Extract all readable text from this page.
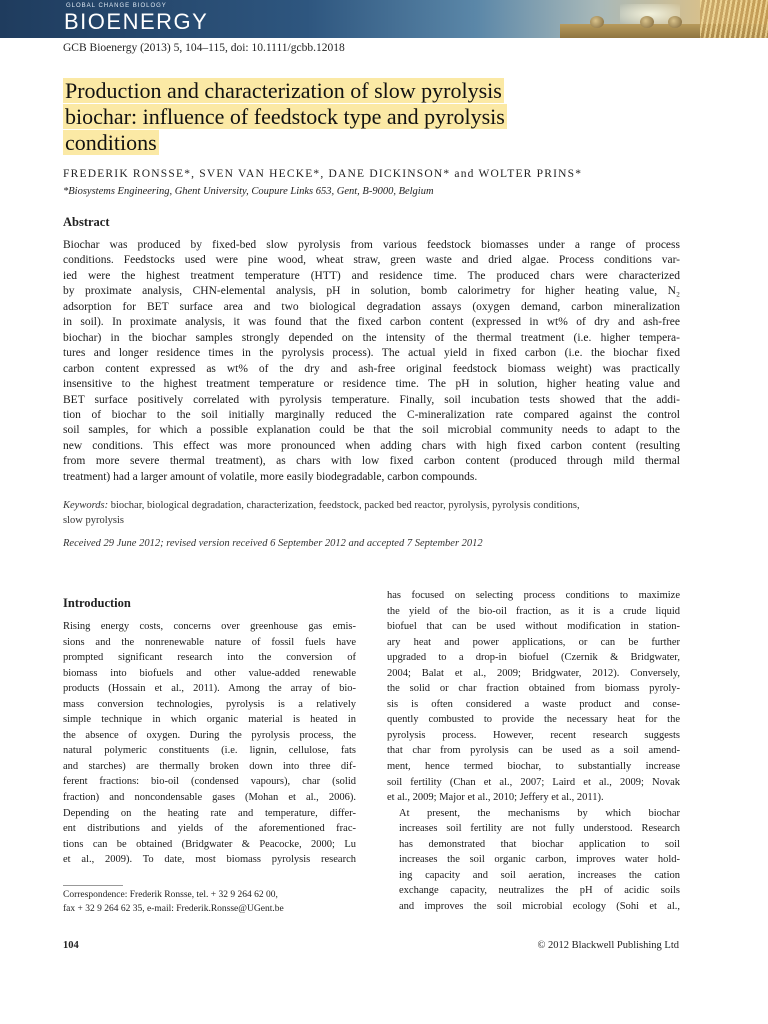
GLOBAL CHANGE BIOLOGY
BIOENERGY
GCB Bioenergy (2013) 5, 104–115, doi: 10.1111/gcbb.12018
Production and characterization of slow pyrolysis
biochar: influence of feedstock type and pyrolysis
conditions
FREDERIK RONSSE*, SVEN VAN HECKE*, DANE DICKINSON* and WOLTER PRINS*
*Biosystems Engineering, Ghent University, Coupure Links 653, Gent, B-9000, Belgium
Abstract

Biochar was produced by fixed-bed slow pyrolysis from various feedstock biomasses under a range of process
conditions. Feedstocks used were pine wood, wheat straw, green waste and dried algae. Process conditions var-
ied were the highest treatment temperature (HTT) and residence time. The produced chars were characterized
by proximate analysis, CHN-elemental analysis, pH in solution, bomb calorimetry for higher heating value, N₂
adsorption for BET surface area and two biological degradation assays (oxygen demand, carbon mineralization
in soil). In proximate analysis, it was found that the fixed carbon content (expressed in wt% of dry and ash-free
biochar) in the biochar samples strongly depended on the intensity of the thermal treatment (i.e. higher tempera-
tures and longer residence times in the pyrolysis process). The actual yield in fixed carbon (i.e. the biochar fixed
carbon content expressed as wt% of the dry and ash-free original feedstock biomass weight) was practically
insensitive to the highest treatment temperature or residence time. The pH in solution, higher heating value and
BET surface positively correlated with pyrolysis temperature. Finally, soil incubation tests showed that the addi-
tion of biochar to the soil initially marginally reduced the C-mineralization rate compared against the control
soil samples, for which a possible explanation could be that the soil microbial community needs to adapt to the
new conditions. This effect was more pronounced when adding chars with high fixed carbon content (resulting
from more severe thermal treatment), as chars with low fixed carbon content (produced through mild thermal
treatment) had a larger amount of volatile, more easily biodegradable, carbon compounds.

Keywords: biochar, biological degradation, characterization, feedstock, packed bed reactor, pyrolysis, pyrolysis conditions,
slow pyrolysis

Received 29 June 2012; revised version received 6 September 2012 and accepted 7 September 2012
Introduction

Rising energy costs, concerns over greenhouse gas emis-
sions and the nonrenewable nature of fossil fuels have
prompted significant research into the conversion of
biomass into biofuels and other value-added renewable
products (Hossain et al., 2011). Among the array of bio-
mass conversion technologies, pyrolysis is a relatively
simple technique in which organic material is heated in
the absence of oxygen. During the pyrolysis process, the
natural polymeric constituents (i.e. lignin, cellulose, fats
and starches) are thermally broken down into three dif-
ferent fractions: bio-oil (condensed vapours), char (solid
fraction) and noncondensable gases (Mohan et al., 2006).
Depending on the heating rate and temperature, differ-
ent distributions and yields of the aforementioned frac-
tions can be obtained (Bridgwater & Peacocke, 2000; Lu
et al., 2009). To date, most biomass pyrolysis research

has focused on selecting process conditions to maximize
the yield of the bio-oil fraction, as it is a crude liquid
biofuel that can be used without modification in station-
ary heat and power applications, or can be further
upgraded to a drop-in biofuel (Czernik & Bridgwater,
2004; Balat et al., 2009; Bridgwater, 2012). Conversely,
the solid or char fraction obtained from biomass pyroly-
sis is often considered a waste product and conse-
quently combusted to provide the necessary heat for the
pyrolysis process. However, recent research suggests
that char from pyrolysis can be used as a soil amend-
ment, hence termed biochar, to substantially increase
soil fertility (Chan et al., 2007; Laird et al., 2009; Novak
et al., 2009; Major et al., 2010; Jeffery et al., 2011).

At present, the mechanisms by which biochar
increases soil fertility are not fully understood. Research
has demonstrated that biochar application to soil
increases the soil organic carbon, improves water hold-
ing capacity and soil aeration, increases the cation
exchange capacity, neutralizes the pH of acidic soils
and improves the soil microbial ecology (Sohi et al.,

Correspondence: Frederik Ronsse, tel. + 32 9 264 62 00,
fax + 32 9 264 62 35, e-mail: Frederik.Ronsse@UGent.be
104	© 2012 Blackwell Publishing Ltd
